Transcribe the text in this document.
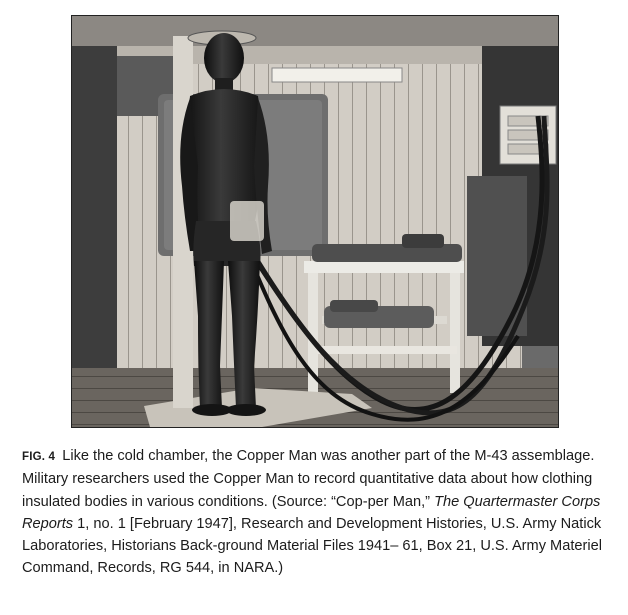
FIG. 4 Like the cold chamber, the Copper Man was another part of the M-43 assemblage. Military researchers used the Copper Man to record quantitative data about how clothing insulated bodies in various conditions. (Source: “Cop-per Man,” The Quartermaster Corps Reports 1, no. 1 [February 1947], Research and Development Histories, U.S. Army Natick Laboratories, Historians Back-ground Material Files 1941– 61, Box 21, U.S. Army Materiel Command, Records, RG 544, in NARA.)
